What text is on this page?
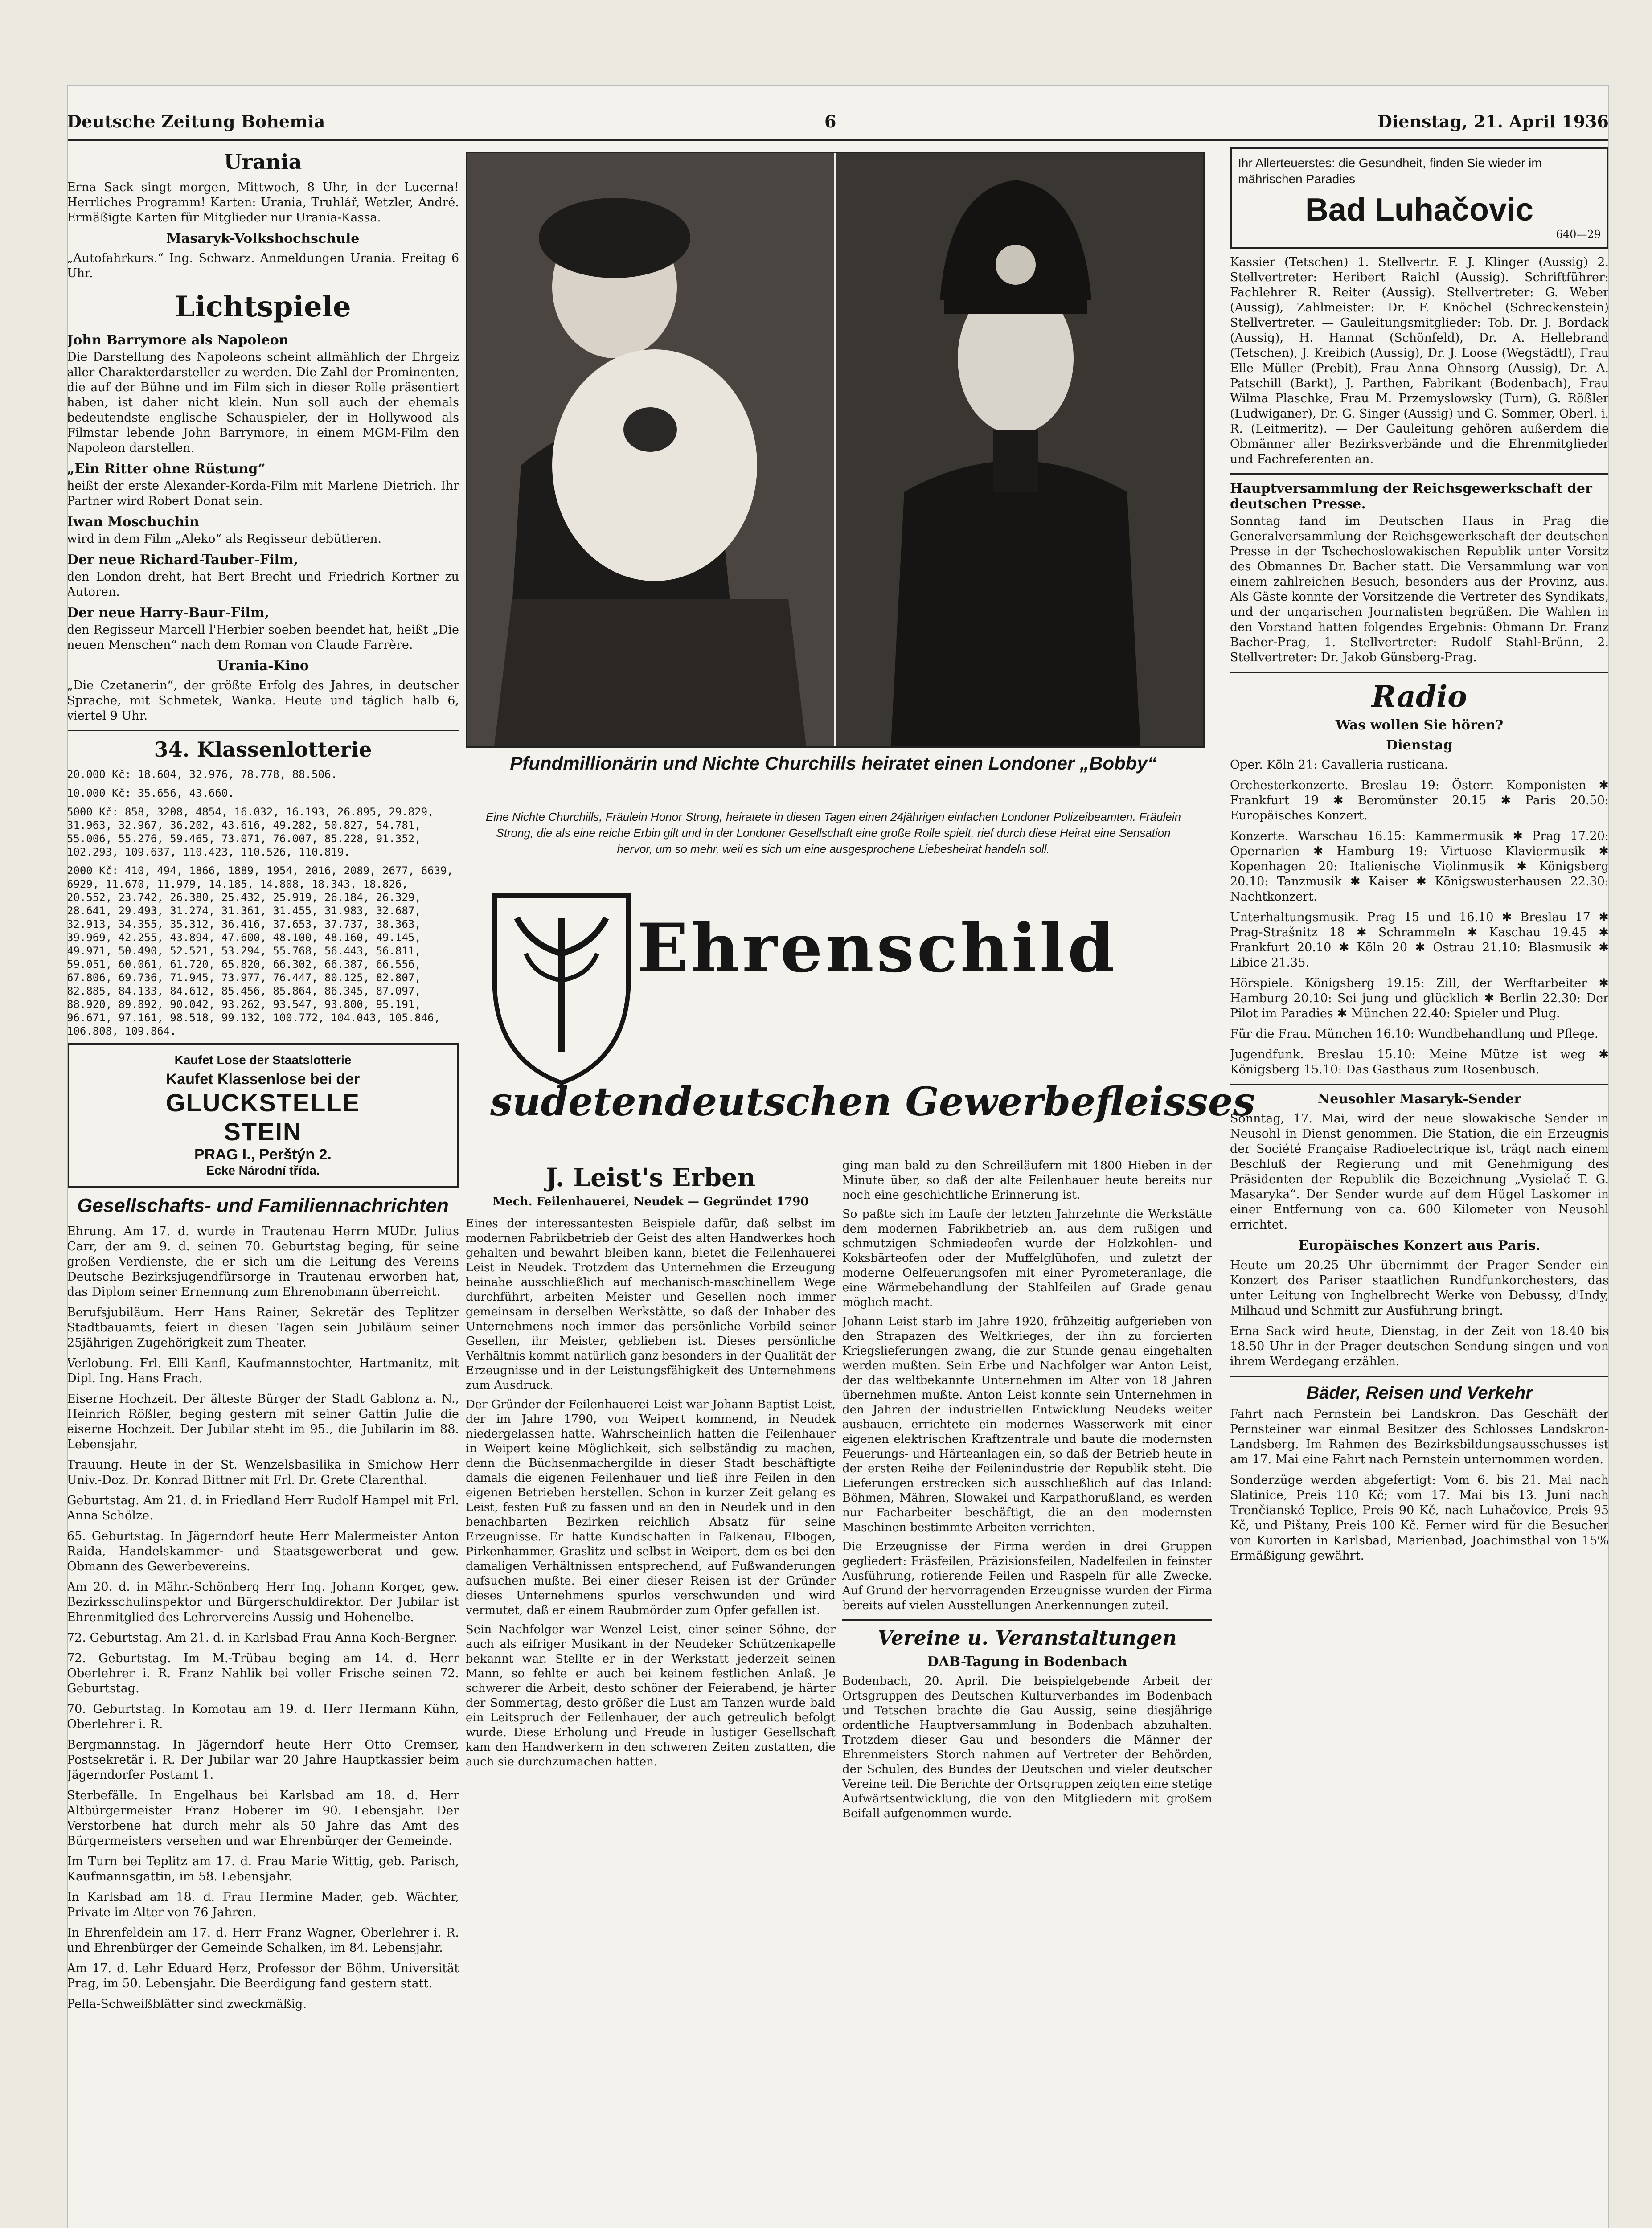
Deutsche Zeitung Bohemia	6	Dienstag, 21. April 1936
Urania

Erna Sack singt morgen, Mittwoch, 8 Uhr, in der Lucerna! Herrliches Programm! Karten: Urania, Truhlář, Wetzler, André. Ermäßigte Karten für Mitglieder nur Urania-Kassa.

Masaryk-Volkshochschule

„Autofahrkurs.“ Ing. Schwarz. Anmeldungen Urania. Freitag 6 Uhr.

Lichtspiele
John Barrymore als Napoleon

Die Darstellung des Napoleons scheint allmählich der Ehrgeiz aller Charakterdarsteller zu werden. Die Zahl der Prominenten, die auf der Bühne und im Film sich in dieser Rolle präsentiert haben, ist daher nicht klein. Nun soll auch der ehemals bedeutendste englische Schauspieler, der in Hollywood als Filmstar lebende John Barrymore, in einem MGM-Film den Napoleon darstellen.

„Ein Ritter ohne Rüstung“

heißt der erste Alexander-Korda-Film mit Marlene Dietrich. Ihr Partner wird Robert Donat sein.

Iwan Moschuchin

wird in dem Film „Aleko“ als Regisseur debütieren.

Der neue Richard-Tauber-Film,

den London dreht, hat Bert Brecht und Friedrich Kortner zu Autoren.

Der neue Harry-Baur-Film,

den Regisseur Marcell l'Herbier soeben beendet hat, heißt „Die neuen Menschen“ nach dem Roman von Claude Farrère.

Urania-Kino

„Die Czetanerin“, der größte Erfolg des Jahres, in deutscher Sprache, mit Schmetek, Wanka. Heute und täglich halb 6, viertel 9 Uhr.

34. Klassenlotterie

20.000 Kč: 18.604, 32.976, 78.778, 88.506.

10.000 Kč: 35.656, 43.660.

5000 Kč: 858, 3208, 4854, 16.032, 16.193, 26.895, 29.829, 31.963, 32.967, 36.202, 43.616, 49.282, 50.827, 54.781, 55.006, 55.276, 59.465, 73.071, 76.007, 85.228, 91.352, 102.293, 109.637, 110.423, 110.526, 110.819.

2000 Kč: 410, 494, 1866, 1889, 1954, 2016, 2089, 2677, 6639, 6929, 11.670, 11.979, 14.185, 14.808, 18.343, 18.826, 20.552, 23.742, 26.380, 25.432, 25.919, 26.184, 26.329, 28.641, 29.493, 31.274, 31.361, 31.455, 31.983, 32.687, 32.913, 34.355, 35.312, 36.416, 37.653, 37.737, 38.363, 39.969, 42.255, 43.894, 47.600, 48.100, 48.160, 49.145, 49.971, 50.490, 52.521, 53.294, 55.768, 56.443, 56.811, 59.051, 60.061, 61.720, 65.820, 66.302, 66.387, 66.556, 67.806, 69.736, 71.945, 73.977, 76.447, 80.125, 82.807, 82.885, 84.133, 84.612, 85.456, 85.864, 86.345, 87.097, 88.920, 89.892, 90.042, 93.262, 93.547, 93.800, 95.191, 96.671, 97.161, 98.518, 99.132, 100.772, 104.043, 105.846, 106.808, 109.864.

Kaufet Lose der Staatslotterie
Kaufet Klassenlose bei der
GLUCKSTELLE
STEIN
PRAG I., Perštýn 2.
Ecke Národní třída.
Gesellschafts- und Familiennachrichten

Ehrung. Am 17. d. wurde in Trautenau Herrn MUDr. Julius Carr, der am 9. d. seinen 70. Geburtstag beging, für seine großen Verdienste, die er sich um die Leitung des Vereins Deutsche Bezirksjugendfürsorge in Trautenau erworben hat, das Diplom seiner Ernennung zum Ehrenobmann überreicht.

Berufsjubiläum. Herr Hans Rainer, Sekretär des Teplitzer Stadtbauamts, feiert in diesen Tagen sein Jubiläum seiner 25jährigen Zugehörigkeit zum Theater.

Verlobung. Frl. Elli Kanfl, Kaufmannstochter, Hartmanitz, mit Dipl. Ing. Hans Frach.

Eiserne Hochzeit. Der älteste Bürger der Stadt Gablonz a. N., Heinrich Rößler, beging gestern mit seiner Gattin Julie die eiserne Hochzeit. Der Jubilar steht im 95., die Jubilarin im 88. Lebensjahr.

Trauung. Heute in der St. Wenzelsbasilika in Smichow Herr Univ.-Doz. Dr. Konrad Bittner mit Frl. Dr. Grete Clarenthal.

Geburtstag. Am 21. d. in Friedland Herr Rudolf Hampel mit Frl. Anna Schölze.

65. Geburtstag. In Jägerndorf heute Herr Malermeister Anton Raida, Handelskammer- und Staatsgewerberat und gew. Obmann des Gewerbevereins.

Am 20. d. in Mähr.-Schönberg Herr Ing. Johann Korger, gew. Bezirksschulinspektor und Bürgerschuldirektor. Der Jubilar ist Ehrenmitglied des Lehrervereins Aussig und Hohenelbe.

72. Geburtstag. Am 21. d. in Karlsbad Frau Anna Koch-Bergner.

72. Geburtstag. Im M.-Trübau beging am 14. d. Herr Oberlehrer i. R. Franz Nahlik bei voller Frische seinen 72. Geburtstag.

70. Geburtstag. In Komotau am 19. d. Herr Hermann Kühn, Oberlehrer i. R.

Bergmannstag. In Jägerndorf heute Herr Otto Cremser, Postsekretär i. R. Der Jubilar war 20 Jahre Hauptkassier beim Jägerndorfer Postamt 1.

Sterbefälle. In Engelhaus bei Karlsbad am 18. d. Herr Altbürgermeister Franz Hoberer im 90. Lebensjahr. Der Verstorbene hat durch mehr als 50 Jahre das Amt des Bürgermeisters versehen und war Ehrenbürger der Gemeinde.

Im Turn bei Teplitz am 17. d. Frau Marie Wittig, geb. Parisch, Kaufmannsgattin, im 58. Lebensjahr.

In Karlsbad am 18. d. Frau Hermine Mader, geb. Wächter, Private im Alter von 76 Jahren.

In Ehrenfeldein am 17. d. Herr Franz Wagner, Oberlehrer i. R. und Ehrenbürger der Gemeinde Schalken, im 84. Lebensjahr.

Am 17. d. Lehr Eduard Herz, Professor der Böhm. Universität Prag, im 50. Lebensjahr. Die Beerdigung fand gestern statt.

Pella-Schweißblätter sind zweckmäßig.

Pfundmillionärin und Nichte Churchills heiratet einen Londoner „Bobby“
Eine Nichte Churchills, Fräulein Honor Strong, heiratete in diesen Tagen einen 24jährigen einfachen Londoner Polizeibeamten. Fräulein Strong, die als eine reiche Erbin gilt und in der Londoner Gesellschaft eine große Rolle spielt, rief durch diese Heirat eine Sensation hervor, um so mehr, weil es sich um eine ausgesprochene Liebesheirat handeln soll.
Ehrenschild
sudetendeutschen Gewerbefleisses
J. Leist's Erben
Mech. Feilenhauerei, Neudek — Gegründet 1790

Eines der interessantesten Beispiele dafür, daß selbst im modernen Fabrikbetrieb der Geist des alten Handwerkes hoch gehalten und bewahrt bleiben kann, bietet die Feilenhauerei Leist in Neudek. Trotzdem das Unternehmen die Erzeugung beinahe ausschließlich auf mechanisch-maschinellem Wege durchführt, arbeiten Meister und Gesellen noch immer gemeinsam in derselben Werkstätte, so daß der Inhaber des Unternehmens noch immer das persönliche Vorbild seiner Gesellen, ihr Meister, geblieben ist. Dieses persönliche Verhältnis kommt natürlich ganz besonders in der Qualität der Erzeugnisse und in der Leistungsfähigkeit des Unternehmens zum Ausdruck.

Der Gründer der Feilenhauerei Leist war Johann Baptist Leist, der im Jahre 1790, von Weipert kommend, in Neudek niedergelassen hatte. Wahrscheinlich hatten die Feilenhauer in Weipert keine Möglichkeit, sich selbständig zu machen, denn die Büchsenmachergilde in dieser Stadt beschäftigte damals die eigenen Feilenhauer und ließ ihre Feilen in den eigenen Betrieben herstellen. Schon in kurzer Zeit gelang es Leist, festen Fuß zu fassen und an den in Neudek und in den benachbarten Bezirken reichlich Absatz für seine Erzeugnisse. Er hatte Kundschaften in Falkenau, Elbogen, Pirkenhammer, Graslitz und selbst in Weipert, dem es bei den damaligen Verhältnissen entsprechend, auf Fußwanderungen aufsuchen mußte. Bei einer dieser Reisen ist der Gründer dieses Unternehmens spurlos verschwunden und wird vermutet, daß er einem Raubmörder zum Opfer gefallen ist.

Sein Nachfolger war Wenzel Leist, einer seiner Söhne, der auch als eifriger Musikant in der Neudeker Schützenkapelle bekannt war. Stellte er in der Werkstatt jederzeit seinen Mann, so fehlte er auch bei keinem festlichen Anlaß. Je schwerer die Arbeit, desto schöner der Feierabend, je härter der Sommertag, desto größer die Lust am Tanzen wurde bald ein Leitspruch der Feilenhauer, der auch getreulich befolgt wurde. Diese Erholung und Freude in lustiger Gesellschaft kam den Handwerkern in den schweren Zeiten zustatten, die auch sie durchzumachen hatten.

ging man bald zu den Schreiläufern mit 1800 Hieben in der Minute über, so daß der alte Feilenhauer heute bereits nur noch eine geschichtliche Erinnerung ist.

So paßte sich im Laufe der letzten Jahrzehnte die Werkstätte dem modernen Fabrikbetrieb an, aus dem rußigen und schmutzigen Schmiedeofen wurde der Holzkohlen- und Koksbärteofen oder der Muffelglühofen, und zuletzt der moderne Oelfeuerungsofen mit einer Pyrometeranlage, die eine Wärmebehandlung der Stahlfeilen auf Grade genau möglich macht.

Johann Leist starb im Jahre 1920, frühzeitig aufgerieben von den Strapazen des Weltkrieges, der ihn zu forcierten Kriegslieferungen zwang, die zur Stunde genau eingehalten werden mußten. Sein Erbe und Nachfolger war Anton Leist, der das weltbekannte Unternehmen im Alter von 18 Jahren übernehmen mußte. Anton Leist konnte sein Unternehmen in den Jahren der industriellen Entwicklung Neudeks weiter ausbauen, errichtete ein modernes Wasserwerk mit einer eigenen elektrischen Kraftzentrale und baute die modernsten Feuerungs- und Härteanlagen ein, so daß der Betrieb heute in der ersten Reihe der Feilenindustrie der Republik steht. Die Lieferungen erstrecken sich ausschließlich auf das Inland: Böhmen, Mähren, Slowakei und Karpathorußland, es werden nur Facharbeiter beschäftigt, die an den modernsten Maschinen bestimmte Arbeiten verrichten.

Die Erzeugnisse der Firma werden in drei Gruppen gegliedert: Fräsfeilen, Präzisionsfeilen, Nadelfeilen in feinster Ausführung, rotierende Feilen und Raspeln für alle Zwecke. Auf Grund der hervorragenden Erzeugnisse wurden der Firma bereits auf vielen Ausstellungen Anerkennungen zuteil.

Vereine u. Veranstaltungen
DAB-Tagung in Bodenbach

Bodenbach, 20. April. Die beispielgebende Arbeit der Ortsgruppen des Deutschen Kulturverbandes im Bodenbach und Tetschen brachte die Gau Aussig, seine diesjährige ordentliche Hauptversammlung in Bodenbach abzuhalten. Trotzdem dieser Gau und besonders die Männer der Ehrenmeisters Storch nahmen auf Vertreter der Behörden, der Schulen, des Bundes der Deutschen und vieler deutscher Vereine teil. Die Berichte der Ortsgruppen zeigten eine stetige Aufwärtsentwicklung, die von den Mitgliedern mit großem Beifall aufgenommen wurde.

Ihr Allerteuerstes: die Gesundheit, finden Sie wieder im mährischen Paradies
Bad Luhačovic
640—29

Kassier (Tetschen) 1. Stellvertr. F. J. Klinger (Aussig) 2. Stellvertreter: Heribert Raichl (Aussig). Schriftführer: Fachlehrer R. Reiter (Aussig). Stellvertreter: G. Weber (Aussig), Zahlmeister: Dr. F. Knöchel (Schreckenstein) Stellvertreter. — Gauleitungsmitglieder: Tob. Dr. J. Bordack (Aussig), H. Hannat (Schönfeld), Dr. A. Hellebrand (Tetschen), J. Kreibich (Aussig), Dr. J. Loose (Wegstädtl), Frau Elle Müller (Prebit), Frau Anna Ohnsorg (Aussig), Dr. A. Patschill (Barkt), J. Parthen, Fabrikant (Bodenbach), Frau Wilma Plaschke, Frau M. Przemyslowsky (Turn), G. Rößler (Ludwiganer), Dr. G. Singer (Aussig) und G. Sommer, Oberl. i. R. (Leitmeritz). — Der Gauleitung gehören außerdem die Obmänner aller Bezirksverbände und die Ehrenmitglieder und Fachreferenten an.

Hauptversammlung der Reichsgewerkschaft der deutschen Presse.

Sonntag fand im Deutschen Haus in Prag die Generalversammlung der Reichsgewerkschaft der deutschen Presse in der Tschechoslowakischen Republik unter Vorsitz des Obmannes Dr. Bacher statt. Die Versammlung war von einem zahlreichen Besuch, besonders aus der Provinz, aus. Als Gäste konnte der Vorsitzende die Vertreter des Syndikats, und der ungarischen Journalisten begrüßen. Die Wahlen in den Vorstand hatten folgendes Ergebnis: Obmann Dr. Franz Bacher-Prag, 1. Stellvertreter: Rudolf Stahl-Brünn, 2. Stellvertreter: Dr. Jakob Günsberg-Prag.

Radio
Was wollen Sie hören?
Dienstag

Oper. Köln 21: Cavalleria rusticana.

Orchesterkonzerte. Breslau 19: Österr. Komponisten ✱ Frankfurt 19 ✱ Beromünster 20.15 ✱ Paris 20.50: Europäisches Konzert.

Konzerte. Warschau 16.15: Kammermusik ✱ Prag 17.20: Opernarien ✱ Hamburg 19: Virtuose Klaviermusik ✱ Kopenhagen 20: Italienische Violinmusik ✱ Königsberg 20.10: Tanzmusik ✱ Kaiser ✱ Königswusterhausen 22.30: Nachtkonzert.

Unterhaltungsmusik. Prag 15 und 16.10 ✱ Breslau 17 ✱ Prag-Strašnitz 18 ✱ Schrammeln ✱ Kaschau 19.45 ✱ Frankfurt 20.10 ✱ Köln 20 ✱ Ostrau 21.10: Blasmusik ✱ Libice 21.35.

Hörspiele. Königsberg 19.15: Zill, der Werftarbeiter ✱ Hamburg 20.10: Sei jung und glücklich ✱ Berlin 22.30: Der Pilot im Paradies ✱ München 22.40: Spieler und Plug.

Für die Frau. München 16.10: Wundbehandlung und Pflege.

Jugendfunk. Breslau 15.10: Meine Mütze ist weg ✱ Königsberg 15.10: Das Gasthaus zum Rosenbusch.

Neusohler Masaryk-Sender

Sonntag, 17. Mai, wird der neue slowakische Sender in Neusohl in Dienst genommen. Die Station, die ein Erzeugnis der Société Française Radioelectrique ist, trägt nach einem Beschluß der Regierung und mit Genehmigung des Präsidenten der Republik die Bezeichnung „Vysielač T. G. Masaryka“. Der Sender wurde auf dem Hügel Laskomer in einer Entfernung von ca. 600 Kilometer von Neusohl errichtet.

Europäisches Konzert aus Paris.

Heute um 20.25 Uhr übernimmt der Prager Sender ein Konzert des Pariser staatlichen Rundfunkorchesters, das unter Leitung von Inghelbrecht Werke von Debussy, d'Indy, Milhaud und Schmitt zur Ausführung bringt.

Erna Sack wird heute, Dienstag, in der Zeit von 18.40 bis 18.50 Uhr in der Prager deutschen Sendung singen und von ihrem Werdegang erzählen.

Bäder, Reisen und Verkehr

Fahrt nach Pernstein bei Landskron. Das Geschäft der Pernsteiner war einmal Besitzer des Schlosses Landskron-Landsberg. Im Rahmen des Bezirksbildungsausschusses ist am 17. Mai eine Fahrt nach Pernstein unternommen worden.

Sonderzüge werden abgefertigt: Vom 6. bis 21. Mai nach Slatinice, Preis 110 Kč; vom 17. Mai bis 13. Juni nach Trenčianské Teplice, Preis 90 Kč, nach Luhačovice, Preis 95 Kč, und Pištany, Preis 100 Kč. Ferner wird für die Besucher von Kurorten in Karlsbad, Marienbad, Joachimsthal von 15% Ermäßigung gewährt.
